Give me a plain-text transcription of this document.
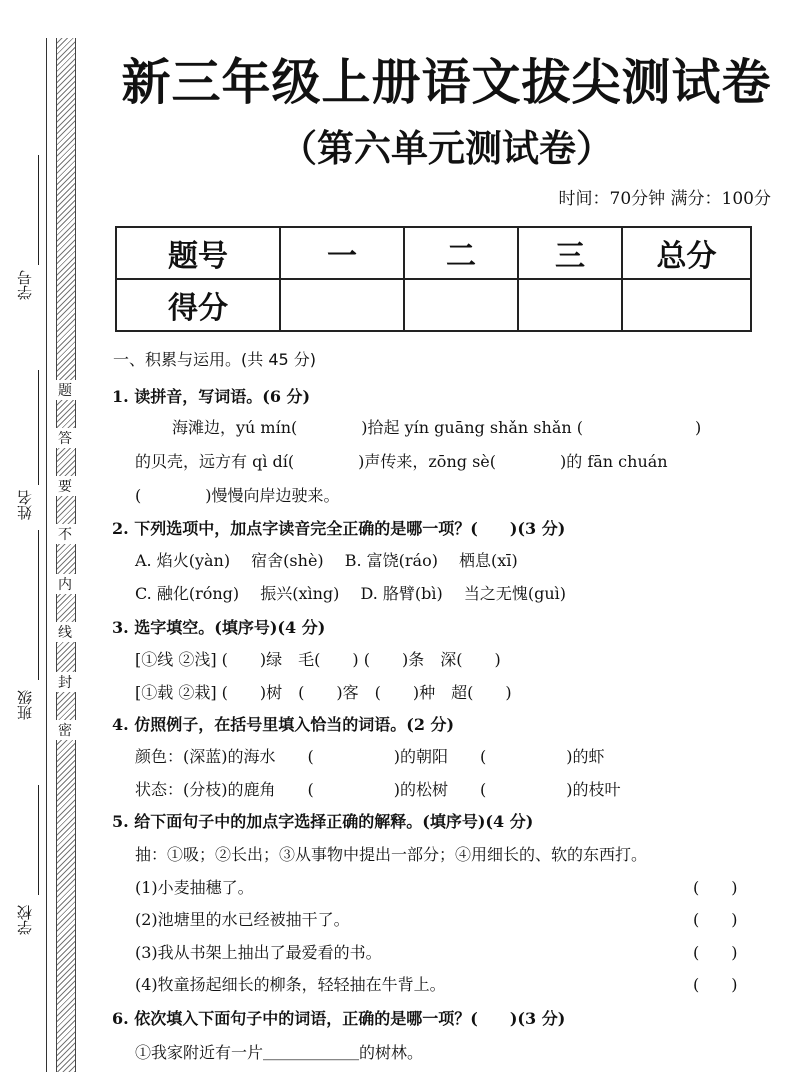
学号
姓名
班级
学校
题
答
要
不
内
线
封
密
新三年级上册语文拔尖测试卷
（第六单元测试卷）
时间：70分钟 满分：100分
题号	一	二	三	总分
得分				
一、积累与运用。(共 45 分)
1. 读拼音，写词语。(6 分)
海滩边，yú mín(　　　　)拾起 yín guāng shǎn shǎn (　　　　　　　)
的贝壳，远方有 qì dí(　　　　)声传来，zōng sè(　　　　)的 fān chuán
(　　　　)慢慢向岸边驶来。
2. 下列选项中，加点字读音完全正确的是哪一项？(　　)(3 分)
A. 焰火(yàn)　 宿舍(shè)　 B. 富饶(ráo)　 栖息(xī)
C. 融化(róng)　 振兴(xìng)　 D. 胳臂(bì)　 当之无愧(guì)
3. 选字填空。(填序号)(4 分)
[①线 ②浅] (　　)绿　毛(　　) (　　)条　深(　　)
[①载 ②栽] (　　)树　(　　)客　(　　)种　超(　　)
4. 仿照例子，在括号里填入恰当的词语。(2 分)
颜色：(深蓝)的海水　　(　　　　　)的朝阳　　(　　　　　)的虾
状态：(分枝)的鹿角　　(　　　　　)的松树　　(　　　　　)的枝叶
5. 给下面句子中的加点字选择正确的解释。(填序号)(4 分)
抽：①吸；②长出；③从事物中提出一部分；④用细长的、软的东西打。
(1)小麦抽穗了。	(　　)
(2)池塘里的水已经被抽干了。	(　　)
(3)我从书架上抽出了最爱看的书。	(　　)
(4)牧童扬起细长的柳条，轻轻抽在牛背上。	(　　)
6. 依次填入下面句子中的词语，正确的是哪一项？(　　)(3 分)
①我家附近有一片＿＿＿＿＿＿的树林。
